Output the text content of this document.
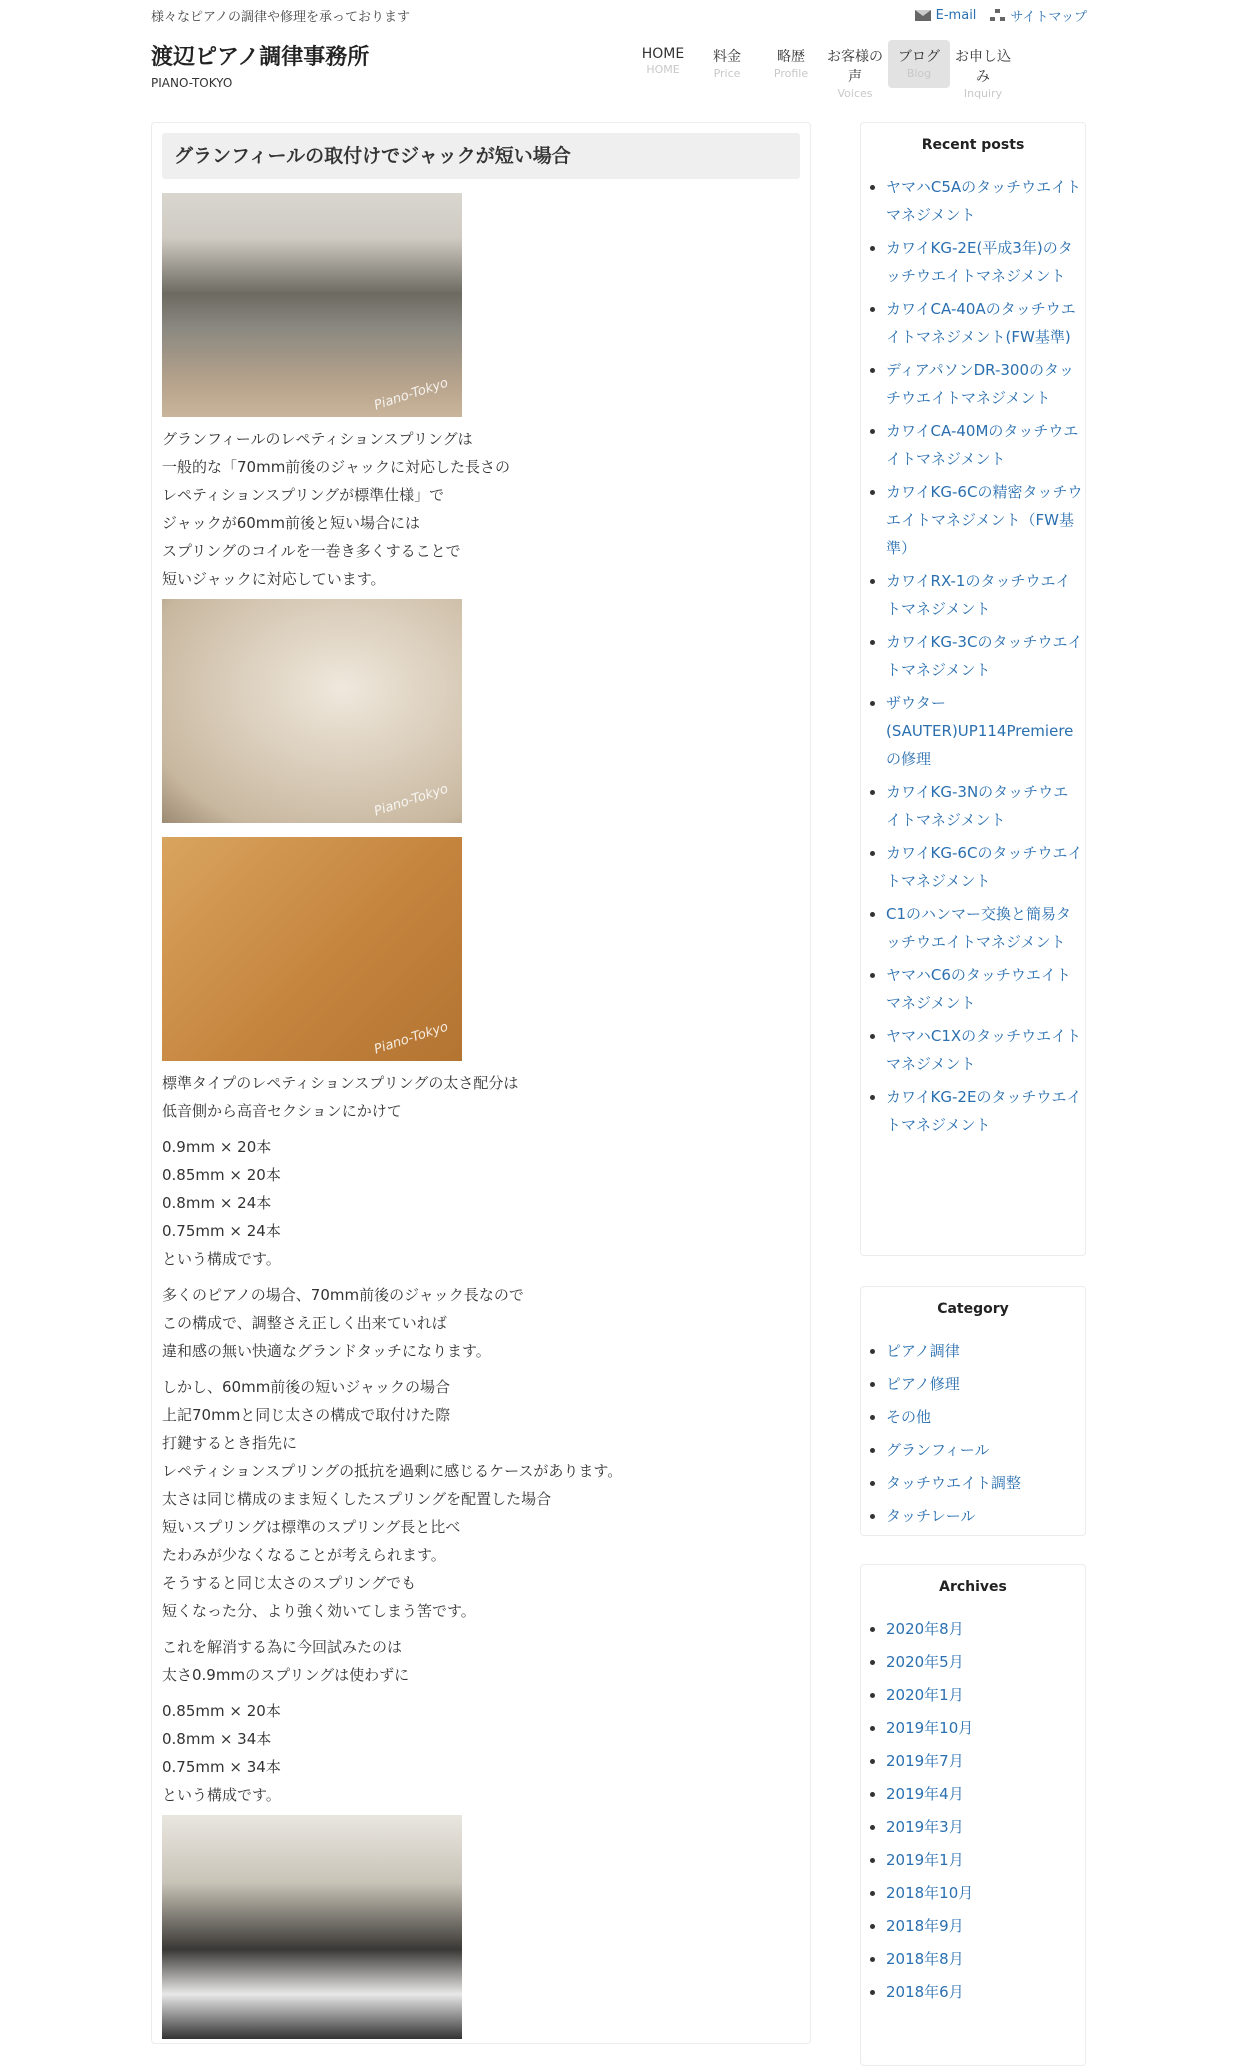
様々なピアノの調律や修理を承っております	E-mail	サイトマップ
渡辺ピアノ調律事務所
PIANO-TOKYO
HOME
HOME
料金
Price
略歴
Profile
お客様の声
Voices
ブログ
Blog
お申し込み
Inquiry
グランフィールの取付けでジャックが短い場合
Piano-Tokyo
グランフィールのレペティションスプリングは
一般的な「70mm前後のジャックに対応した長さの
レペティションスプリングが標準仕様」で
ジャックが60mm前後と短い場合には
スプリングのコイルを一巻き多くすることで
短いジャックに対応しています。
Piano-Tokyo
Piano-Tokyo
標準タイプのレペティションスプリングの太さ配分は
低音側から高音セクションにかけて
0.9mm × 20本
0.85mm × 20本
0.8mm × 24本
0.75mm × 24本
という構成です。
多くのピアノの場合、70mm前後のジャック長なので
この構成で、調整さえ正しく出来ていれば
違和感の無い快適なグランドタッチになります。
しかし、60mm前後の短いジャックの場合
上記70mmと同じ太さの構成で取付けた際
打鍵するとき指先に
レペティションスプリングの抵抗を過剰に感じるケースがあります。
太さは同じ構成のまま短くしたスプリングを配置した場合
短いスプリングは標準のスプリング長と比べ
たわみが少なくなることが考えられます。
そうすると同じ太さのスプリングでも
短くなった分、より強く効いてしまう筈です。
これを解消する為に今回試みたのは
太さ0.9mmのスプリングは使わずに
0.85mm × 20本
0.8mm × 34本
0.75mm × 34本
という構成です。
Recent posts
• ヤマハC5Aのタッチウエイトマネジメント
• カワイKG-2E(平成3年)のタッチウエイトマネジメント
• カワイCA-40Aのタッチウエイトマネジメント(FW基準)
• ディアパソンDR-300のタッチウエイトマネジメント
• カワイCA-40Mのタッチウエイトマネジメント
• カワイKG-6Cの精密タッチウエイトマネジメント（FW基準）
• カワイRX-1のタッチウエイトマネジメント
• カワイKG-3Cのタッチウエイトマネジメント
• ザウター(SAUTER)UP114Premiereの修理
• カワイKG-3Nのタッチウエイトマネジメント
• カワイKG-6Cのタッチウエイトマネジメント
• C1のハンマー交換と簡易タッチウエイトマネジメント
• ヤマハC6のタッチウエイトマネジメント
• ヤマハC1Xのタッチウエイトマネジメント
• カワイKG-2Eのタッチウエイトマネジメント
Category
• ピアノ調律
• ピアノ修理
• その他
• グランフィール
• タッチウエイト調整
• タッチレール
Archives
• 2020年8月
• 2020年5月
• 2020年1月
• 2019年10月
• 2019年7月
• 2019年4月
• 2019年3月
• 2019年1月
• 2018年10月
• 2018年9月
• 2018年8月
• 2018年6月
